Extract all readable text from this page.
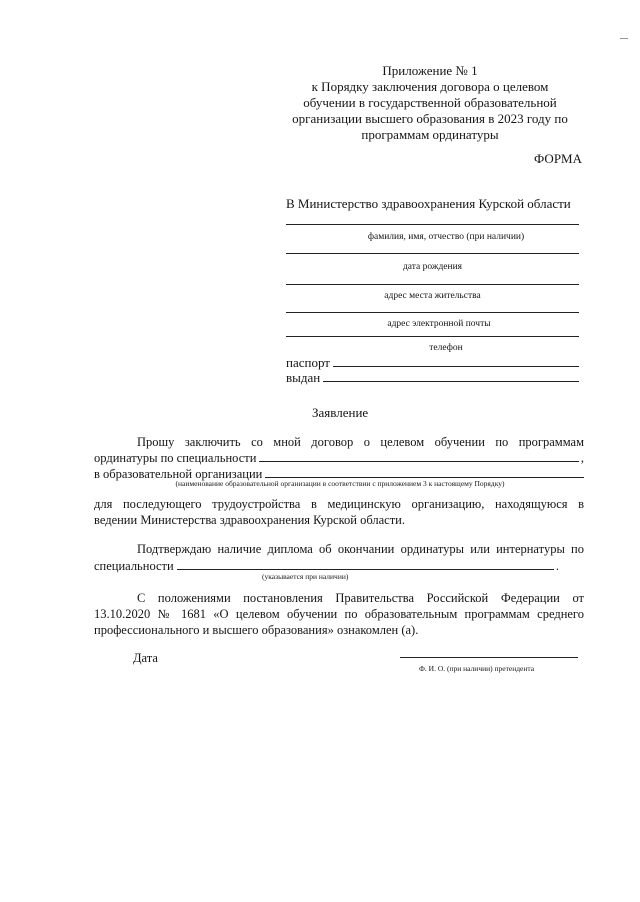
Приложение № 1
к Порядку заключения договора о целевом
обучении в государственной образовательной
организации высшего образования в 2023 году по
программам ординатуры
ФОРМА
В Министерство здравоохранения Курской области
фамилия, имя, отчество (при наличии)
дата рождения
адрес места жительства
адрес электронной почты
телефон
паспорт
выдан
Заявление
Прошу заключить со мной договор о целевом обучении по программам
ординатуры по специальности	,
в образовательной организации
(наименование образовательной организации в соответствии с приложением 3 к настоящему Порядку)
для последующего трудоустройства в медицинскую организацию, находящуюся в
ведении Министерства здравоохранения Курской области.
Подтверждаю наличие диплома об окончании ординатуры или интернатуры по
специальности	.
(указывается при наличии)
С положениями постановления Правительства Российской Федерации от
13.10.2020 № 1681 «О целевом обучении по образовательным программам среднего
профессионального и высшего образования» ознакомлен (а).
Дата
Ф. И. О. (при наличии) претендента
